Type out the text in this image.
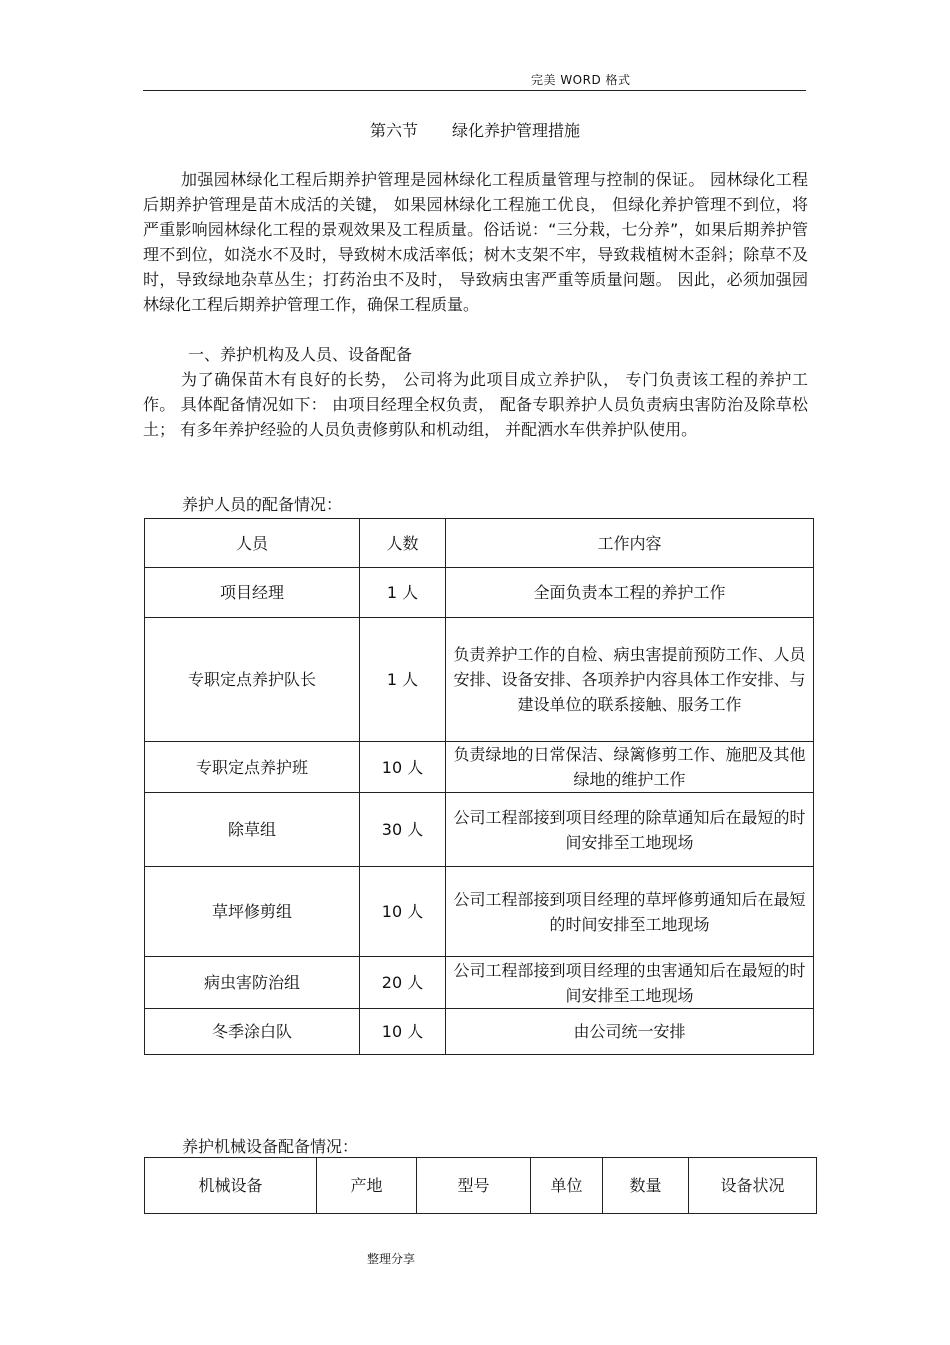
完美 WORD 格式
第六节 绿化养护管理措施
加强园林绿化工程后期养护管理是园林绿化工程质量管理与控制的保证。 园林绿化工程后期养护管理是苗木成活的关键， 如果园林绿化工程施工优良， 但绿化养护管理不到位，将严重影响园林绿化工程的景观效果及工程质量。俗话说：“三分栽，七分养”，如果后期养护管理不到位，如浇水不及时，导致树木成活率低；树木支架不牢，导致栽植树木歪斜；除草不及时，导致绿地杂草丛生；打药治虫不及时， 导致病虫害严重等质量问题。 因此，必须加强园林绿化工程后期养护管理工作，确保工程质量。
一、养护机构及人员、设备配备
为了确保苗木有良好的长势， 公司将为此项目成立养护队， 专门负责该工程的养护工作。 具体配备情况如下： 由项目经理全权负责， 配备专职养护人员负责病虫害防治及除草松土； 有多年养护经验的人员负责修剪队和机动组， 并配洒水车供养护队使用。
养护人员的配备情况：
人员	人数	工作内容
项目经理	1 人	全面负责本工程的养护工作
专职定点养护队长	1 人	负责养护工作的自检、病虫害提前预防工作、人员安排、设备安排、各项养护内容具体工作安排、与建设单位的联系接触、服务工作
专职定点养护班	10 人	负责绿地的日常保洁、绿篱修剪工作、施肥及其他绿地的维护工作
除草组	30 人	公司工程部接到项目经理的除草通知后在最短的时间安排至工地现场
草坪修剪组	10 人	公司工程部接到项目经理的草坪修剪通知后在最短的时间安排至工地现场
病虫害防治组	20 人	公司工程部接到项目经理的虫害通知后在最短的时间安排至工地现场
冬季涂白队	10 人	由公司统一安排
养护机械设备配备情况：
机械设备	产地	型号	单位	数量	设备状况
整理分享
